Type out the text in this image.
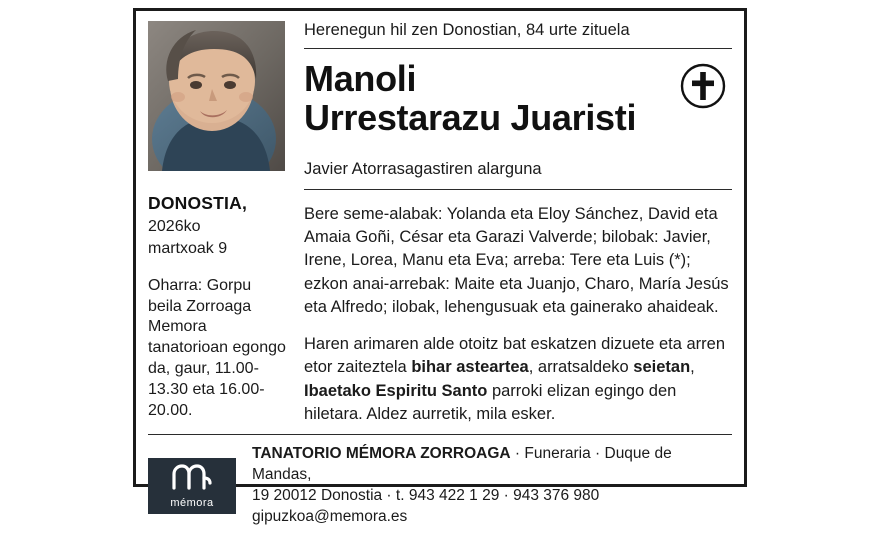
DONOSTIA,
2026ko
martxoak 9
Oharra: Gorpu beila Zorroaga Memora tanatorioan egongo da, gaur, 11.00-13.30 eta 16.00-20.00.
Herenegun hil zen Donostian, 84 urte zituela
Manoli
Urrestarazu Juaristi
Javier Atorrasagastiren alarguna
Bere seme-alabak: Yolanda eta Eloy Sánchez, David eta Amaia Goñi, César eta Garazi Valverde; bilobak: Javier, Irene, Lorea, Manu eta Eva; arreba: Tere eta Luis (*); ezkon anai-arrebak: Maite eta Juanjo, Charo, María Jesús eta Alfredo; ilobak, lehengusuak eta gainerako ahaideak.
Haren arimaren alde otoitz bat eskatzen dizuete eta arren etor zaiteztela bihar asteartea, arratsaldeko seietan, Ibaetako Espiritu Santo parroki elizan egingo den hiletara. Aldez aurretik, mila esker.
mémora
TANATORIO MÉMORA ZORROAGA · Funeraria · Duque de Mandas,
19 20012 Donostia · t. 943 422 1 29 · 943 376 980 gipuzkoa@memora.es
